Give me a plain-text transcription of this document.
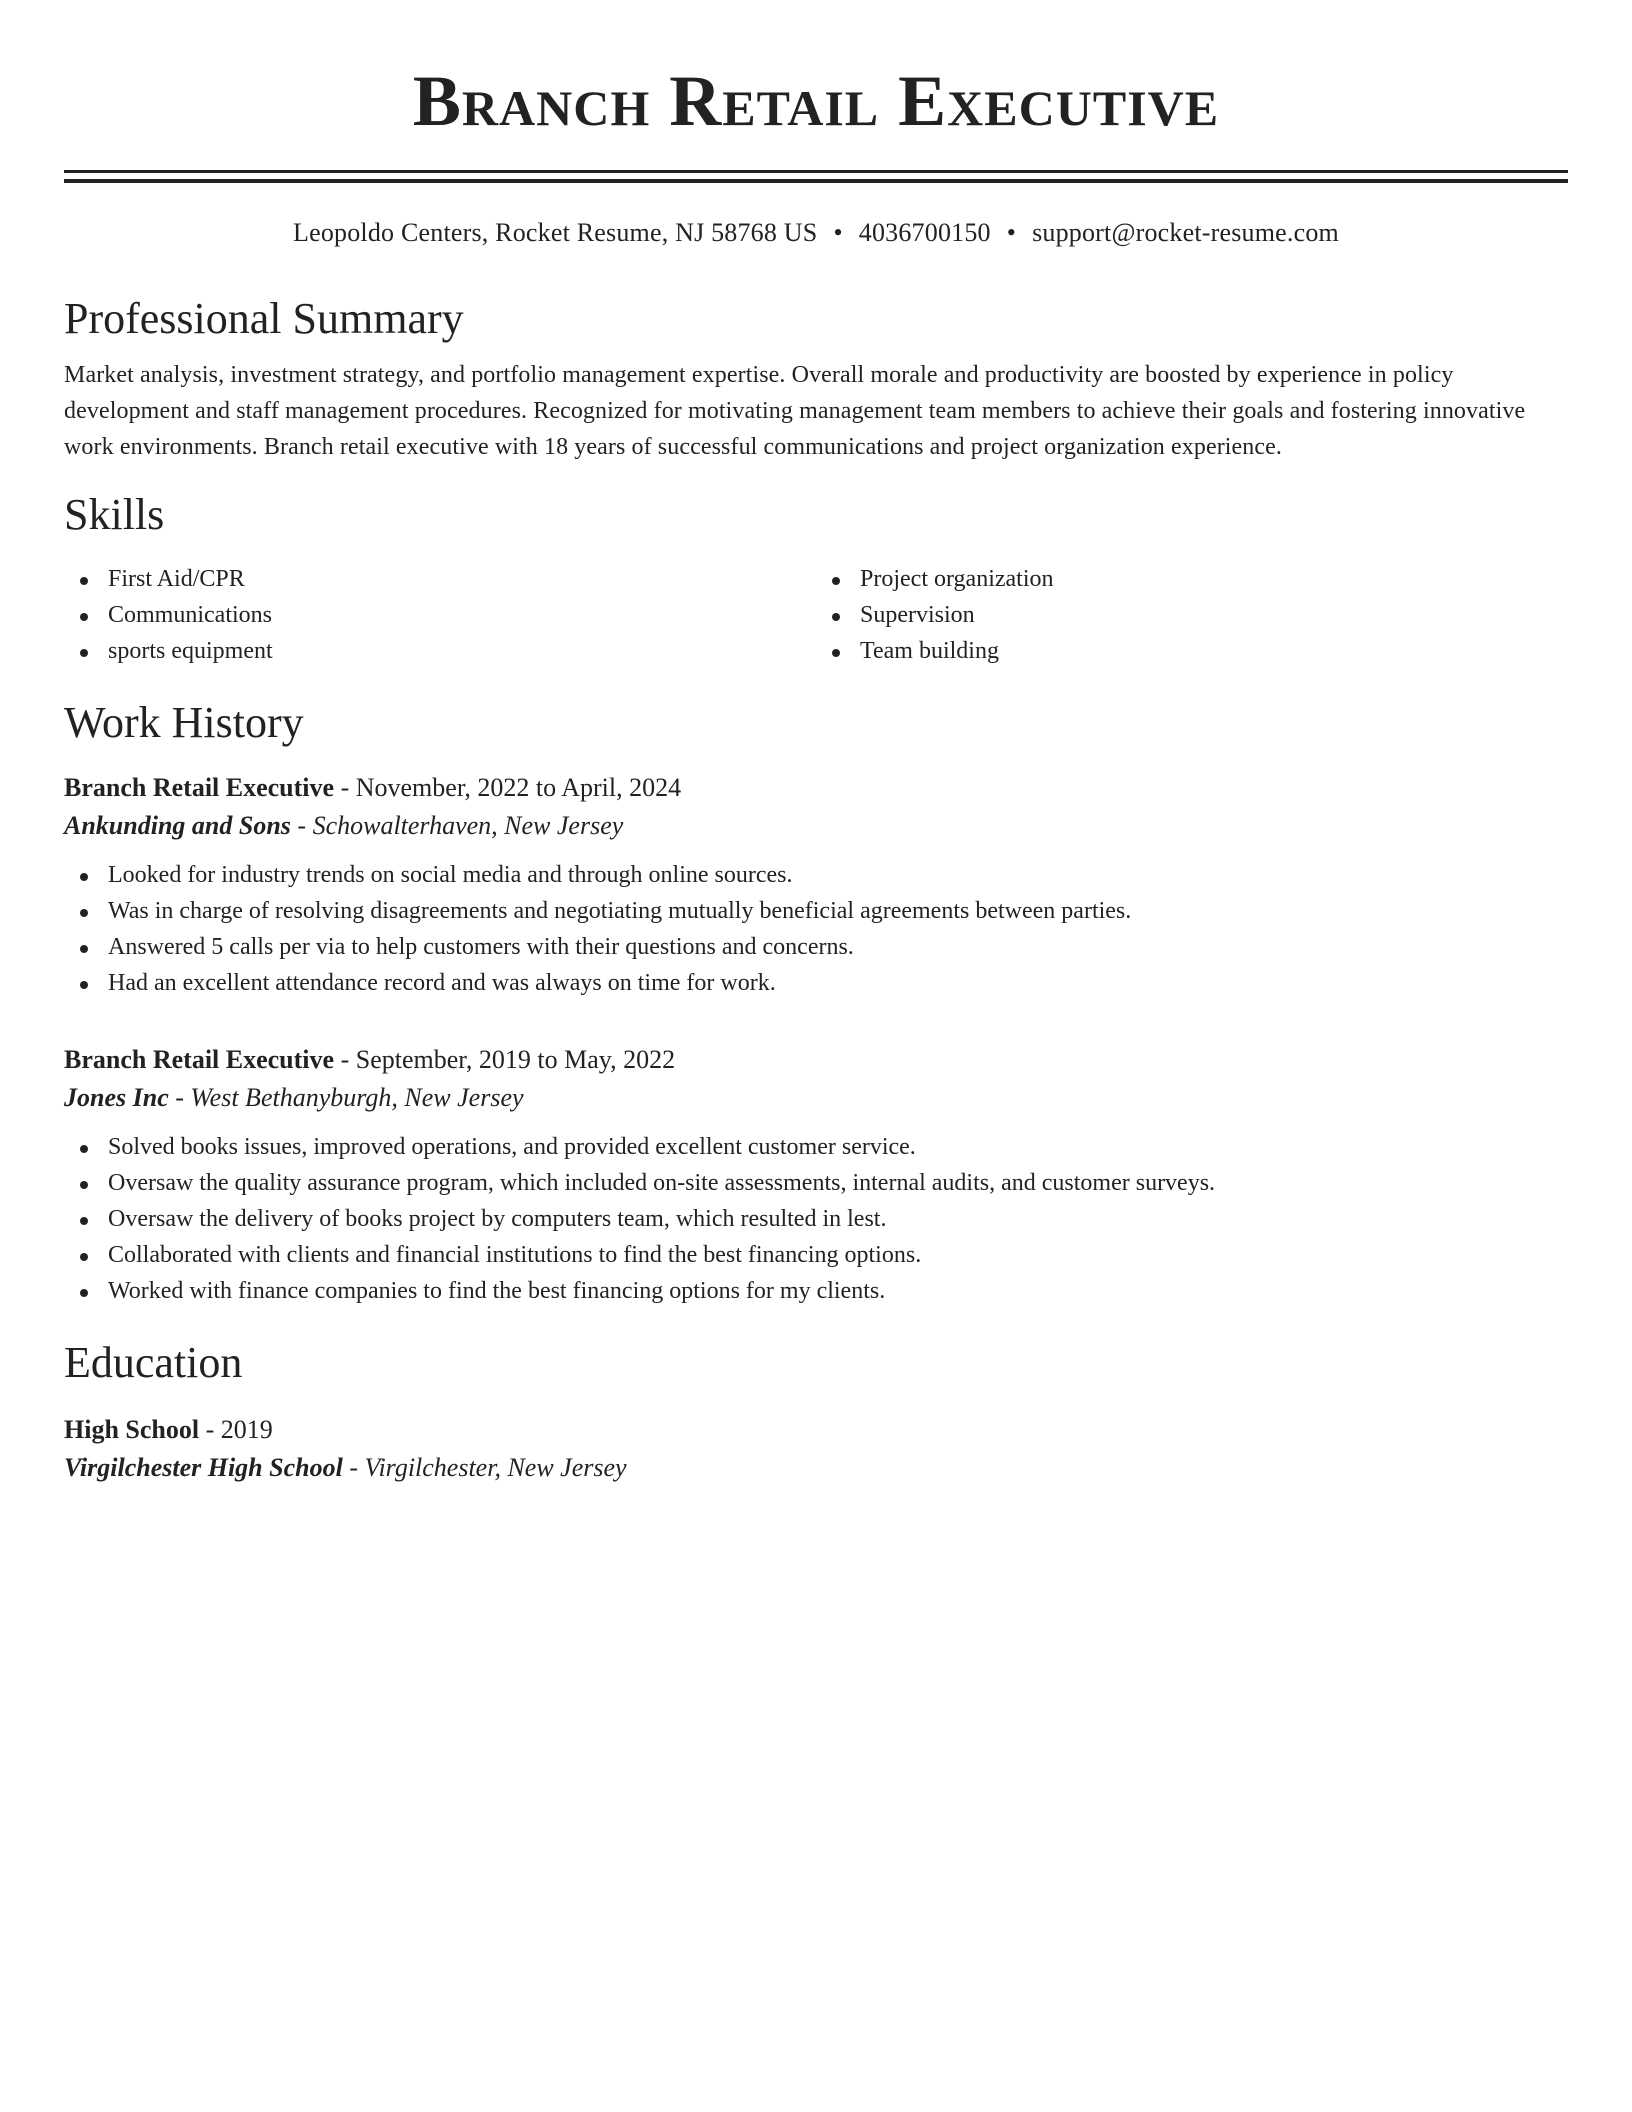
Branch Retail Executive
Leopoldo Centers, Rocket Resume, NJ 58768 US • 4036700150 • support@rocket-resume.com
Professional Summary

Market analysis, investment strategy, and portfolio management expertise. Overall morale and productivity are boosted by experience in policy development and staff management procedures. Recognized for motivating management team members to achieve their goals and fostering innovative work environments. Branch retail executive with 18 years of successful communications and project organization experience.

Skills
First Aid/CPR
Communications
sports equipment
Project organization
Supervision
Team building
Work History
Branch Retail Executive - November, 2022 to April, 2024
Ankunding and Sons - Schowalterhaven, New Jersey
Looked for industry trends on social media and through online sources.
Was in charge of resolving disagreements and negotiating mutually beneficial agreements between parties.
Answered 5 calls per via to help customers with their questions and concerns.
Had an excellent attendance record and was always on time for work.
Branch Retail Executive - September, 2019 to May, 2022
Jones Inc - West Bethanyburgh, New Jersey
Solved books issues, improved operations, and provided excellent customer service.
Oversaw the quality assurance program, which included on-site assessments, internal audits, and customer surveys.
Oversaw the delivery of books project by computers team, which resulted in lest.
Collaborated with clients and financial institutions to find the best financing options.
Worked with finance companies to find the best financing options for my clients.
Education
High School - 2019
Virgilchester High School - Virgilchester, New Jersey
